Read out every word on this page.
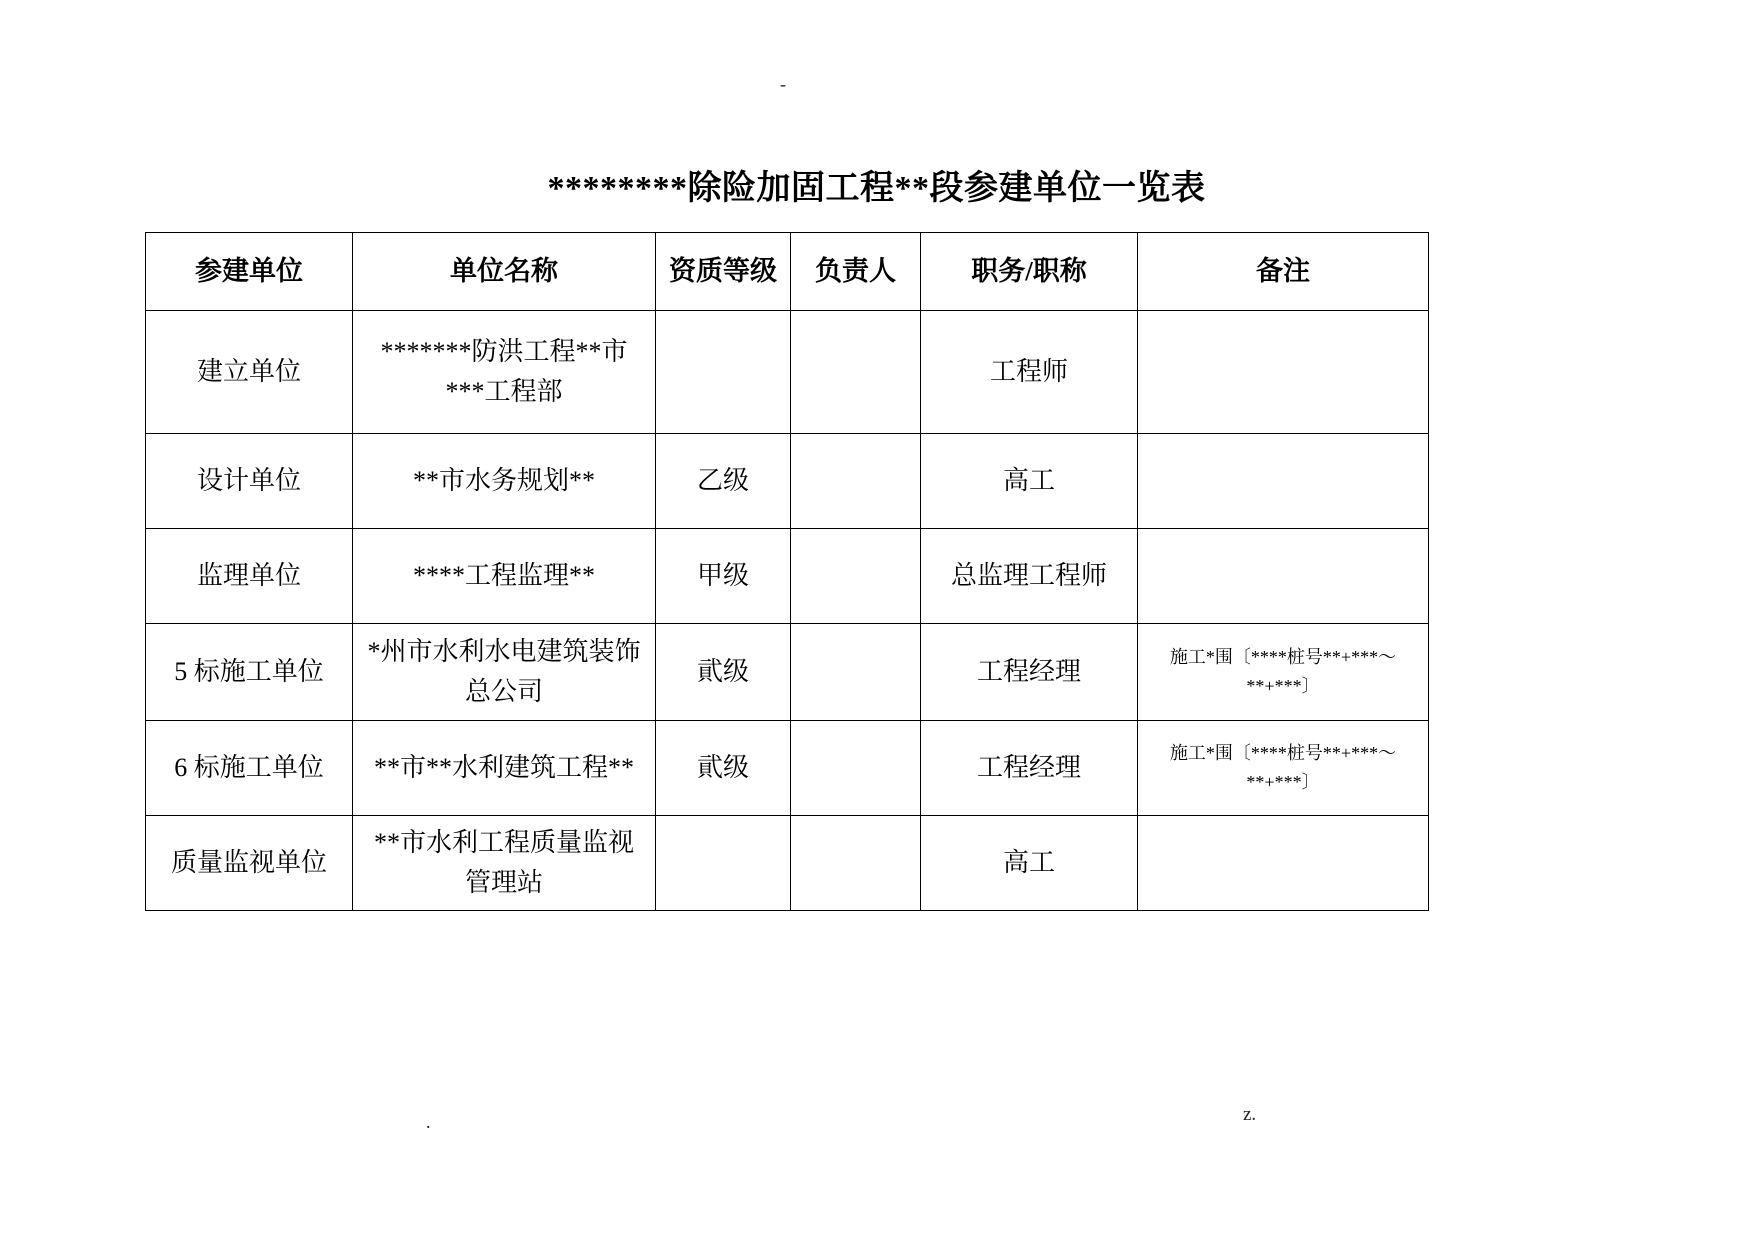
-
********除险加固工程**段参建单位一览表
参建单位	单位名称	资质等级	负责人	职务/职称	备注
建立单位	*******防洪工程**市***工程部			工程师	
设计单位	**市水务规划**	乙级		高工	
监理单位	****工程监理**	甲级		总监理工程师	
5 标施工单位	*州市水利水电建筑装饰总公司	貮级		工程经理	施工*围〔****桩号**+***～**+***〕
6 标施工单位	**市**水利建筑工程**	貮级		工程经理	施工*围〔****桩号**+***～**+***〕
质量监视单位	**市水利工程质量监视管理站			高工	
.	z.
